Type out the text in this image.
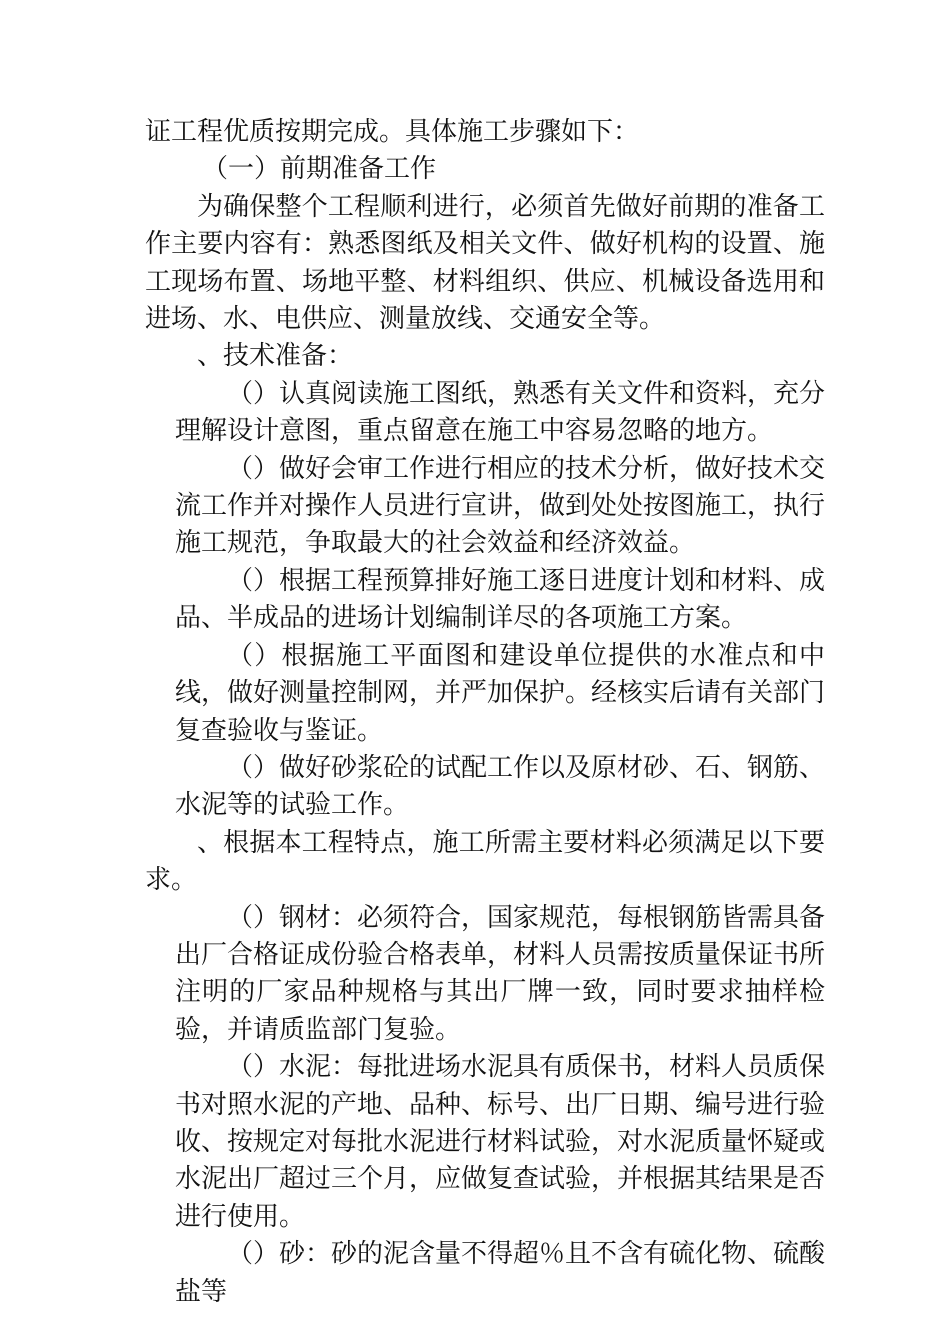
证工程优质按期完成。具体施工步骤如下：

（一）前期准备工作

为确保整个工程顺利进行，必须首先做好前期的准备工作主要内容有：熟悉图纸及相关文件、做好机构的设置、施工现场布置、场地平整、材料组织、供应、机械设备选用和进场、水、电供应、测量放线、交通安全等。

、技术准备：

（）认真阅读施工图纸，熟悉有关文件和资料，充分理解设计意图，重点留意在施工中容易忽略的地方。

（）做好会审工作进行相应的技术分析，做好技术交流工作并对操作人员进行宣讲，做到处处按图施工，执行施工规范，争取最大的社会效益和经济效益。

（）根据工程预算排好施工逐日进度计划和材料、成品、半成品的进场计划编制详尽的各项施工方案。

（）根据施工平面图和建设单位提供的水准点和中线，做好测量控制网，并严加保护。经核实后请有关部门复查验收与鉴证。

（）做好砂浆砼的试配工作以及原材砂、石、钢筋、水泥等的试验工作。

、根据本工程特点，施工所需主要材料必须满足以下要求。

（）钢材：必须符合，国家规范，每根钢筋皆需具备出厂合格证成份验合格表单，材料人员需按质量保证书所注明的厂家品种规格与其出厂牌一致，同时要求抽样检验，并请质监部门复验。

（）水泥：每批进场水泥具有质保书，材料人员质保书对照水泥的产地、品种、标号、出厂日期、编号进行验收、按规定对每批水泥进行材料试验，对水泥质量怀疑或水泥出厂超过三个月，应做复查试验，并根据其结果是否进行使用。

（）砂：砂的泥含量不得超％且不含有硫化物、硫酸盐等
